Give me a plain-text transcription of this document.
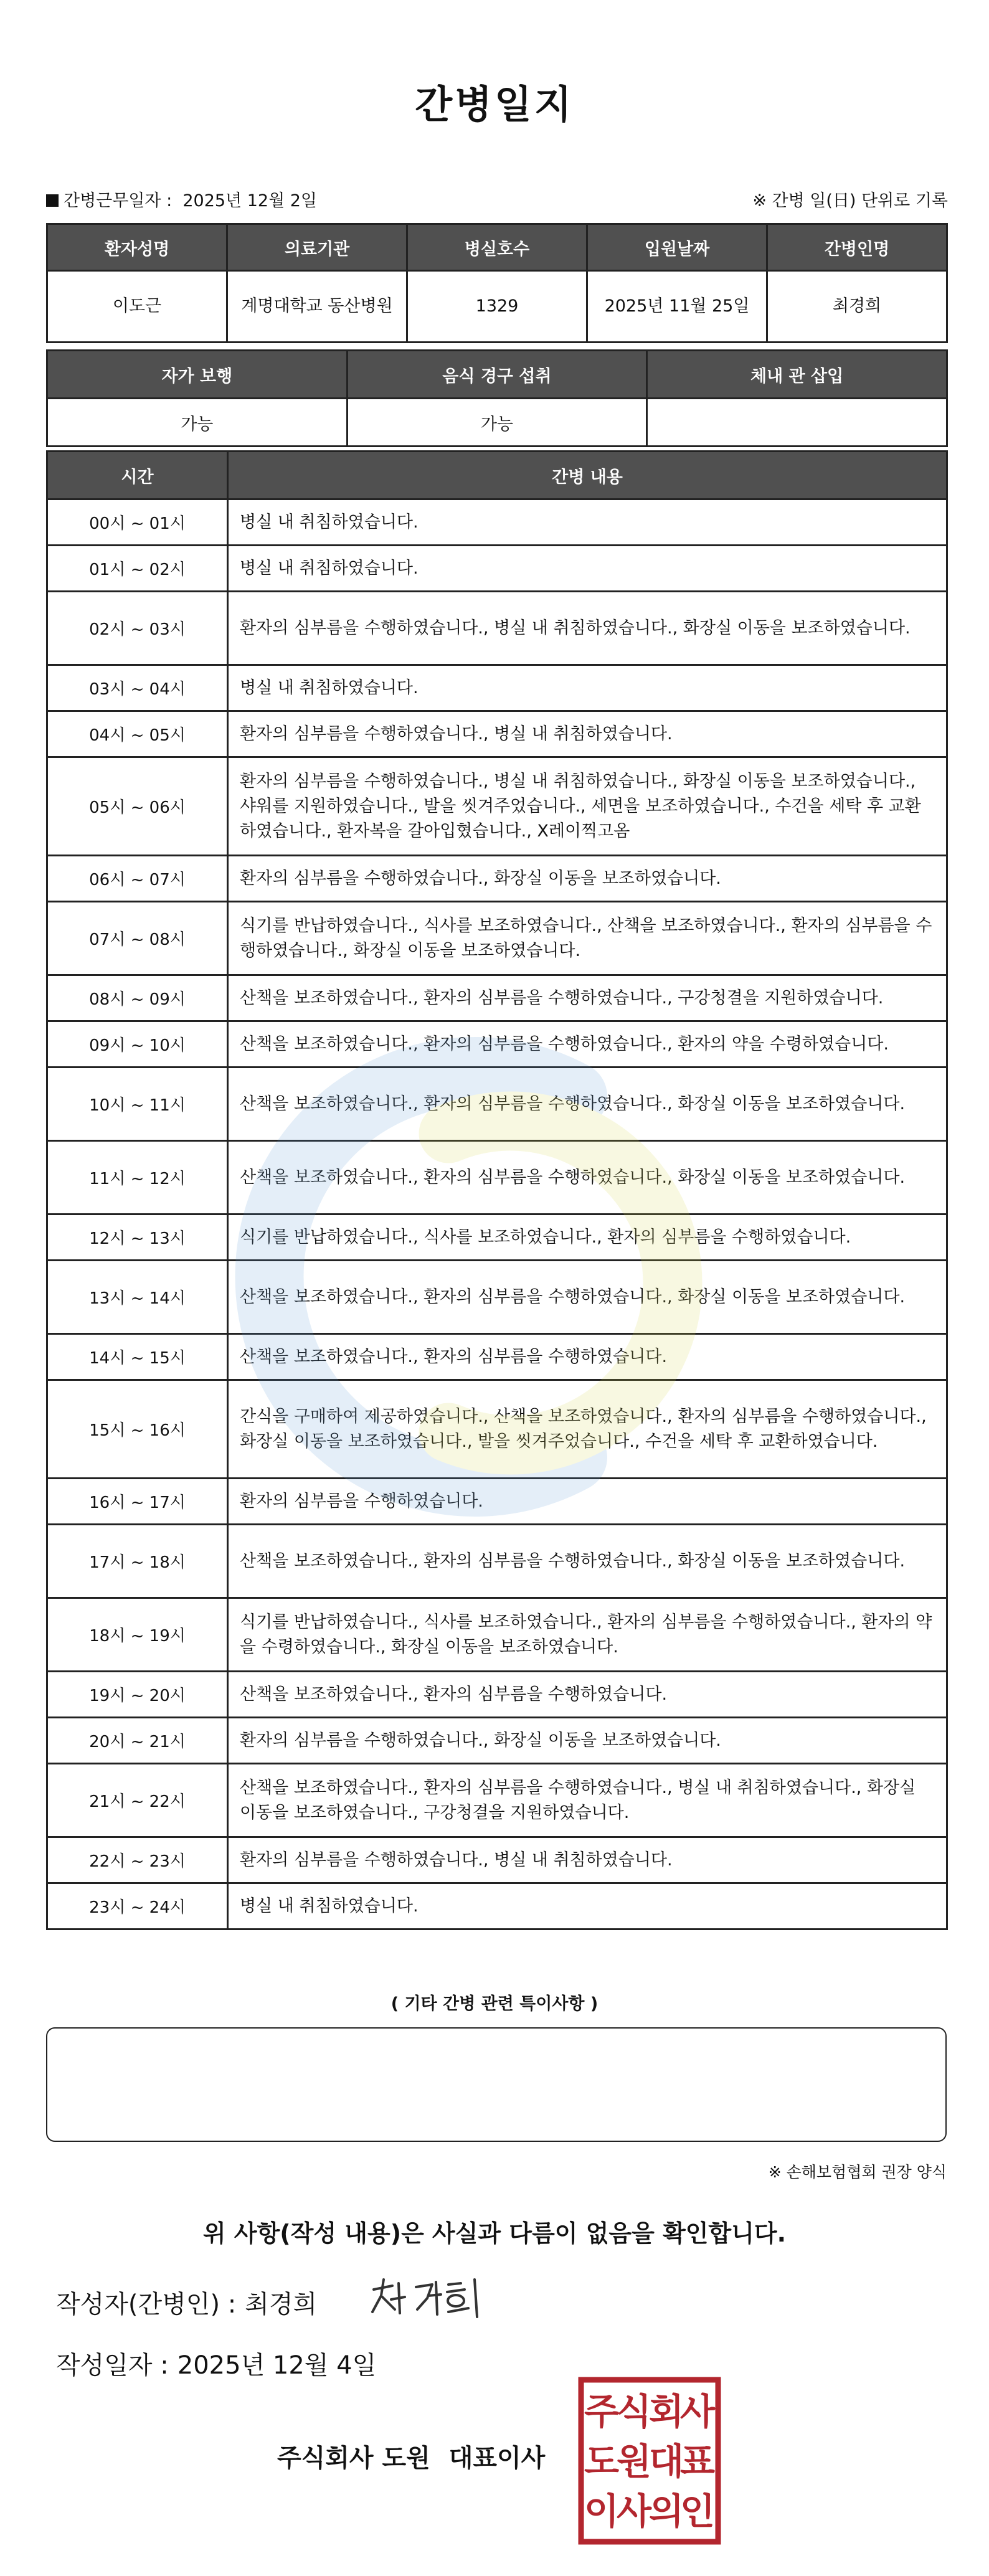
간병일지
간병근무일자 : 2025년 12월 2일	※ 간병 일(日) 단위로 기록
환자성명	의료기관	병실호수	입원날짜	간병인명
이도근	계명대학교 동산병원	1329	2025년 11월 25일	최경희
자가 보행	음식 경구 섭취	체내 관 삽입
가능	가능	
시간	간병 내용
00시 ~ 01시	병실 내 취침하였습니다.
01시 ~ 02시	병실 내 취침하였습니다.
02시 ~ 03시	환자의 심부름을 수행하였습니다., 병실 내 취침하였습니다., 화장실 이동을 보조하였습니다.
03시 ~ 04시	병실 내 취침하였습니다.
04시 ~ 05시	환자의 심부름을 수행하였습니다., 병실 내 취침하였습니다.
05시 ~ 06시	환자의 심부름을 수행하였습니다., 병실 내 취침하였습니다., 화장실 이동을 보조하였습니다., 샤워를 지원하였습니다., 발을 씻겨주었습니다., 세면을 보조하였습니다., 수건을 세탁 후 교환하였습니다., 환자복을 갈아입혔습니다., X레이찍고옴
06시 ~ 07시	환자의 심부름을 수행하였습니다., 화장실 이동을 보조하였습니다.
07시 ~ 08시	식기를 반납하였습니다., 식사를 보조하였습니다., 산책을 보조하였습니다., 환자의 심부름을 수행하였습니다., 화장실 이동을 보조하였습니다.
08시 ~ 09시	산책을 보조하였습니다., 환자의 심부름을 수행하였습니다., 구강청결을 지원하였습니다.
09시 ~ 10시	산책을 보조하였습니다., 환자의 심부름을 수행하였습니다., 환자의 약을 수령하였습니다.
10시 ~ 11시	산책을 보조하였습니다., 환자의 심부름을 수행하였습니다., 화장실 이동을 보조하였습니다.
11시 ~ 12시	산책을 보조하였습니다., 환자의 심부름을 수행하였습니다., 화장실 이동을 보조하였습니다.
12시 ~ 13시	식기를 반납하였습니다., 식사를 보조하였습니다., 환자의 심부름을 수행하였습니다.
13시 ~ 14시	산책을 보조하였습니다., 환자의 심부름을 수행하였습니다., 화장실 이동을 보조하였습니다.
14시 ~ 15시	산책을 보조하였습니다., 환자의 심부름을 수행하였습니다.
15시 ~ 16시	간식을 구매하여 제공하였습니다., 산책을 보조하였습니다., 환자의 심부름을 수행하였습니다., 화장실 이동을 보조하였습니다., 발을 씻겨주었습니다., 수건을 세탁 후 교환하였습니다.
16시 ~ 17시	환자의 심부름을 수행하였습니다.
17시 ~ 18시	산책을 보조하였습니다., 환자의 심부름을 수행하였습니다., 화장실 이동을 보조하였습니다.
18시 ~ 19시	식기를 반납하였습니다., 식사를 보조하였습니다., 환자의 심부름을 수행하였습니다., 환자의 약을 수령하였습니다., 화장실 이동을 보조하였습니다.
19시 ~ 20시	산책을 보조하였습니다., 환자의 심부름을 수행하였습니다.
20시 ~ 21시	환자의 심부름을 수행하였습니다., 화장실 이동을 보조하였습니다.
21시 ~ 22시	산책을 보조하였습니다., 환자의 심부름을 수행하였습니다., 병실 내 취침하였습니다., 화장실 이동을 보조하였습니다., 구강청결을 지원하였습니다.
22시 ~ 23시	환자의 심부름을 수행하였습니다., 병실 내 취침하였습니다.
23시 ~ 24시	병실 내 취침하였습니다.
( 기타 간병 관련 특이사항 )
※ 손해보험협회 권장 양식
위 사항(작성 내용)은 사실과 다름이 없음을 확인합니다.
작성자(간병인) : 최경희
작성일자 : 2025년 12월 4일
주식회사 도원 대표이사
주
식
회
사
도
원
대
표
이
사
의
인
